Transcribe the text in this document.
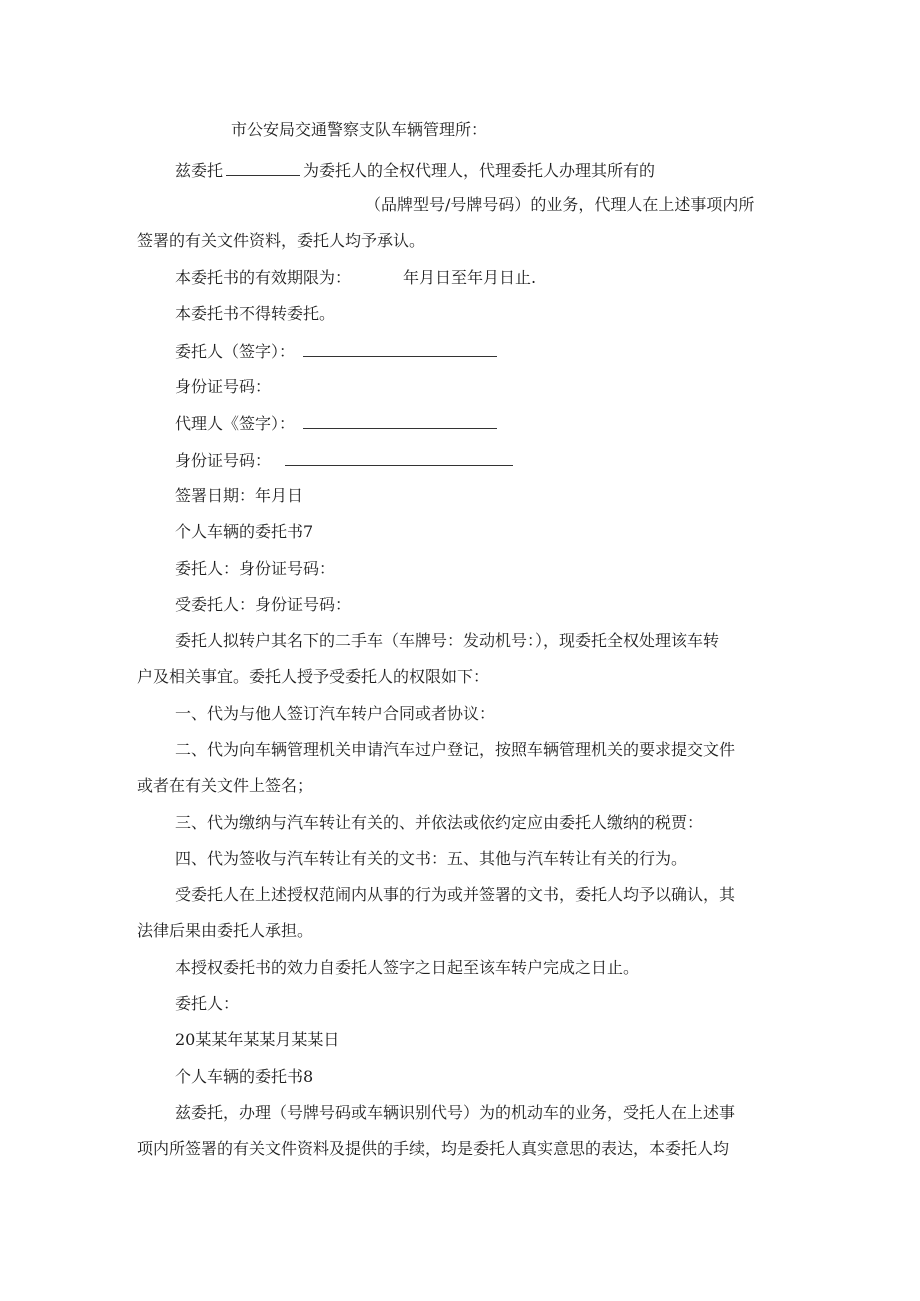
市公安局交通警察支队车辆管理所：

兹委托	为委托人的全权代理人，代理委托人办理其所有的

（品牌型号/号牌号码）的业务，代理人在上述事项内所

签署的有关文件资料，委托人均予承认。

本委托书的有效期限为：	年月日至年月日止.

本委托书不得转委托。

委托人（签字）：

身份证号码：

代理人《签字）：

身份证号码：

签署日期：年月日

个人车辆的委托书7

委托人：身份证号码：

受委托人：身份证号码：

委托人拟转户其名下的二手车（车牌号：发动机号：），现委托全权处理该车转

户及相关事宜。委托人授予受委托人的权限如下：

一、代为与他人签订汽车转户合同或者协议：

二、代为向车辆管理机关申请汽车过户登记，按照车辆管理机关的要求提交文件

或者在有关文件上签名；

三、代为缴纳与汽车转让有关的、并依法或依约定应由委托人缴纳的税贾：

四、代为签收与汽车转让有关的文书：五、其他与汽车转让有关的行为。

受委托人在上述授权范闹内从事的行为或并签署的文书，委托人均予以确认，其

法律后果由委托人承担。

本授权委托书的效力自委托人签字之日起至该车转户完成之日止。

委托人：

20某某年某某月某某日

个人车辆的委托书8

兹委托，办理（号牌号码或车辆识别代号）为的机动车的业务，受托人在上述事

项内所签署的有关文件资料及提供的手续，均是委托人真实意思的表达，本委托人均
